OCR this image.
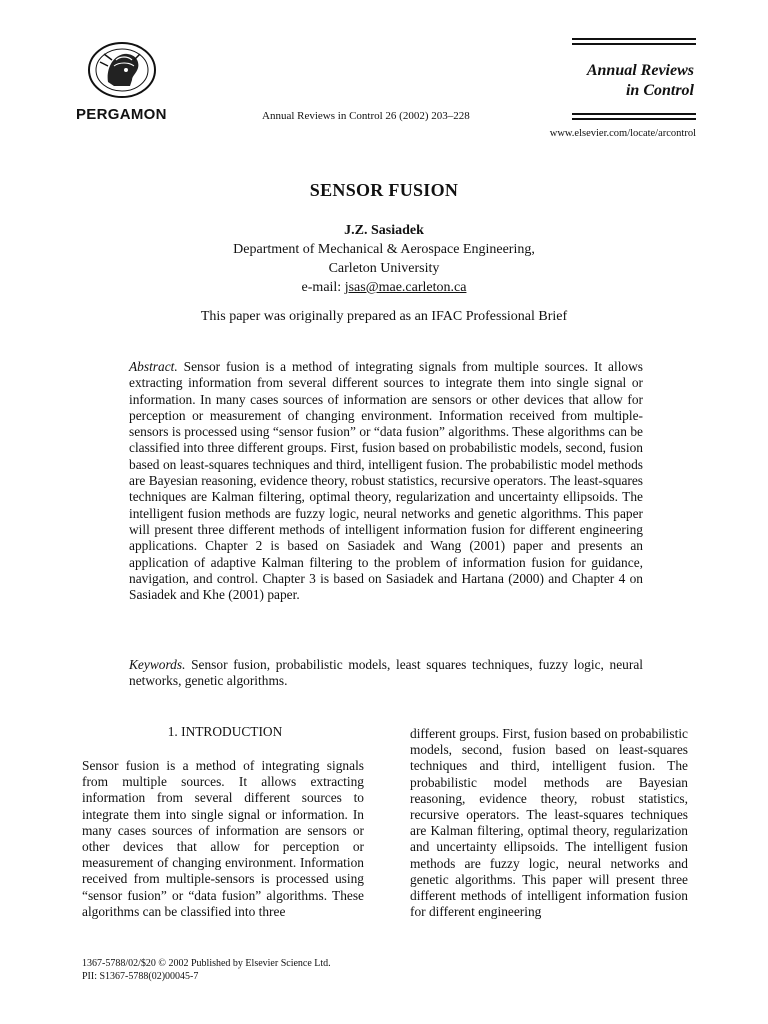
PERGAMON	Annual Reviews in Control 26 (2002) 203–228
Annual Reviews
in Control
www.elsevier.com/locate/arcontrol
SENSOR FUSION
J.Z. Sasiadek
Department of Mechanical & Aerospace Engineering,
Carleton University
e-mail: jsas@mae.carleton.ca
This paper was originally prepared as an IFAC Professional Brief
Abstract. Sensor fusion is a method of integrating signals from multiple sources. It allows extracting information from several different sources to integrate them into single signal or information. In many cases sources of information are sensors or other devices that allow for perception or measurement of changing environment. Information received from multiple-sensors is processed using “sensor fusion” or “data fusion” algorithms. These algorithms can be classified into three different groups. First, fusion based on probabilistic models, second, fusion based on least-squares techniques and third, intelligent fusion. The probabilistic model methods are Bayesian reasoning, evidence theory, robust statistics, recursive operators. The least-squares techniques are Kalman filtering, optimal theory, regularization and uncertainty ellipsoids. The intelligent fusion methods are fuzzy logic, neural networks and genetic algorithms. This paper will present three different methods of intelligent information fusion for different engineering applications. Chapter 2 is based on Sasiadek and Wang (2001) paper and presents an application of adaptive Kalman filtering to the problem of information fusion for guidance, navigation, and control. Chapter 3 is based on Sasiadek and Hartana (2000) and Chapter 4 on Sasiadek and Khe (2001) paper.
Keywords. Sensor fusion, probabilistic models, least squares techniques, fuzzy logic, neural networks, genetic algorithms.
1. INTRODUCTION
Sensor fusion is a method of integrating signals from multiple sources. It allows extracting information from several different sources to integrate them into single signal or information. In many cases sources of information are sensors or other devices that allow for perception or measurement of changing environment. Information received from multiple-sensors is processed using “sensor fusion” or “data fusion” algorithms. These algorithms can be classified into three
different groups. First, fusion based on probabilistic models, second, fusion based on least-squares techniques and third, intelligent fusion. The probabilistic model methods are Bayesian reasoning, evidence theory, robust statistics, recursive operators. The least-squares techniques are Kalman filtering, optimal theory, regularization and uncertainty ellipsoids. The intelligent fusion methods are fuzzy logic, neural networks and genetic algorithms. This paper will present three different methods of intelligent information fusion for different engineering
1367-5788/02/$20 © 2002 Published by Elsevier Science Ltd.
PII: S1367-5788(02)00045-7
